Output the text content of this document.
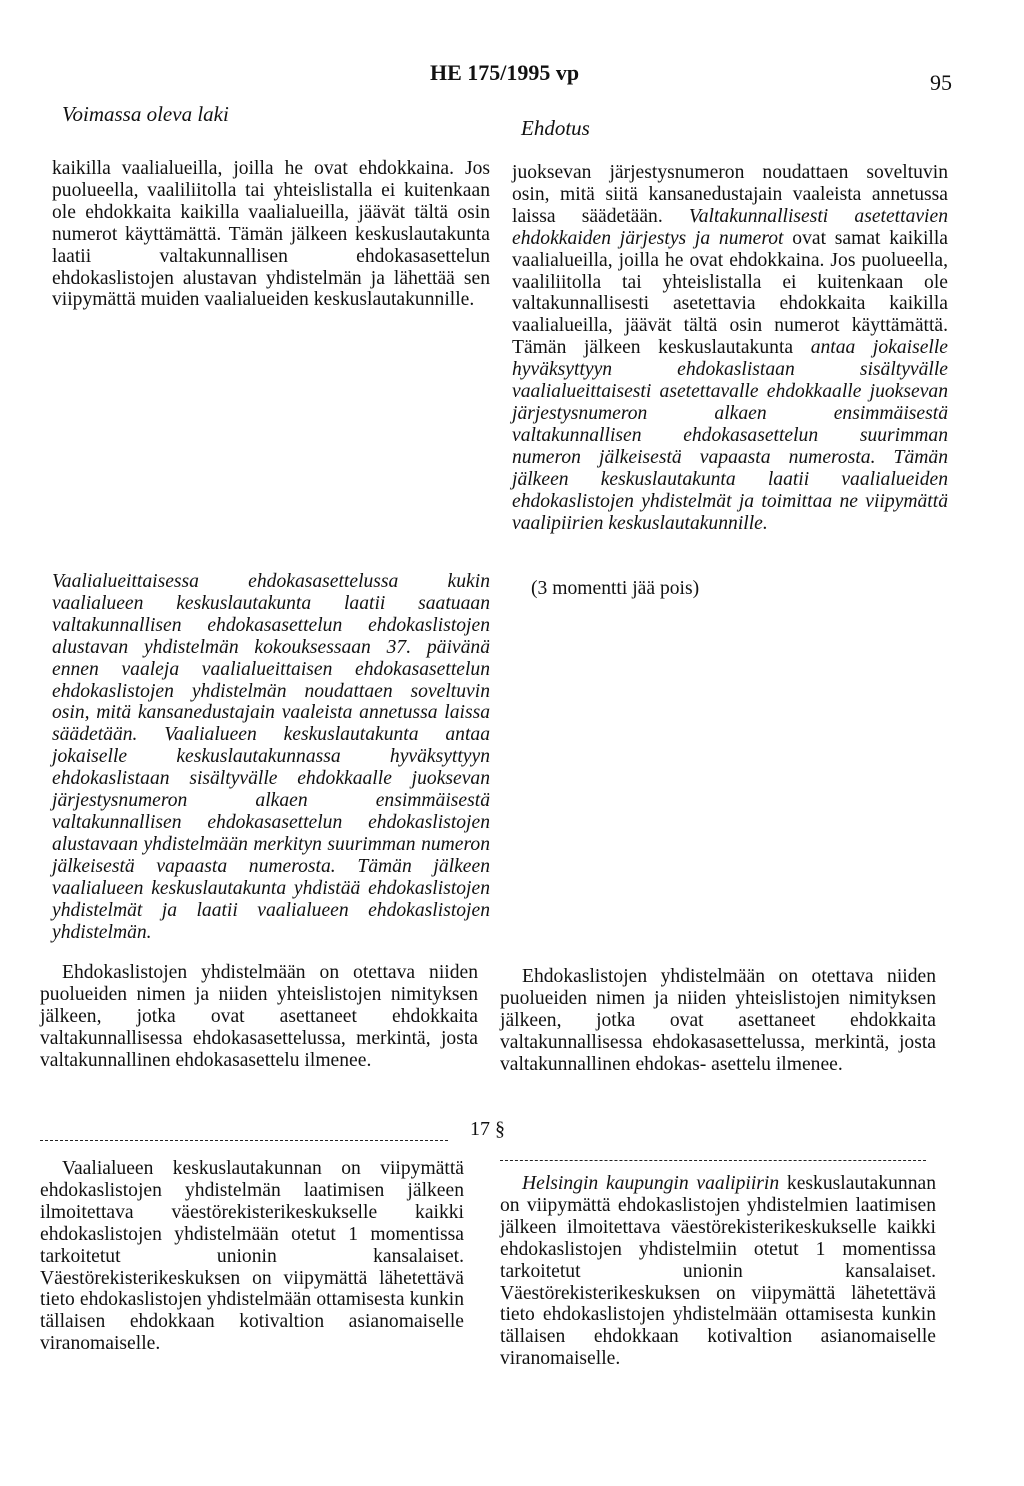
HE 175/1995 vp	95
Voimassa oleva laki
Ehdotus

kaikilla vaalialueilla, joilla he ovat ehdokkaina. Jos puolueella, vaaliliitolla tai yhteislistalla ei kuitenkaan ole ehdokkaita kaikilla vaalialueilla, jäävät tältä osin numerot käyttämättä. Tämän jälkeen keskuslautakunta laatii valtakunnallisen ehdokasasettelun ehdokaslistojen alustavan yhdistelmän ja lähettää sen viipymättä muiden vaalialueiden keskuslautakunnille.

Vaalialueittaisessa ehdokasasettelussa kukin vaalialueen keskuslautakunta laatii saatuaan valtakunnallisen ehdokasasettelun ehdokaslistojen alustavan yhdistelmän kokouksessaan 37. päivänä ennen vaaleja vaalialueittaisen ehdokasasettelun ehdokaslistojen yhdistelmän noudattaen soveltuvin osin, mitä kansanedustajain vaaleista annetussa laissa säädetään. Vaalialueen keskuslautakunta antaa jokaiselle keskuslautakunnassa hyväksyttyyn ehdokaslistaan sisältyvälle ehdokkaalle juoksevan järjestysnumeron alkaen ensimmäisestä valtakunnallisen ehdokasasettelun ehdokaslistojen alustavaan yhdistelmään merkityn suurimman numeron jälkeisestä vapaasta numerosta. Tämän jälkeen vaalialueen keskuslautakunta yhdistää ehdokaslistojen yhdistelmät ja laatii vaalialueen ehdokaslistojen yhdistelmän.

Ehdokaslistojen yhdistelmään on otettava niiden puolueiden nimen ja niiden yhteislistojen nimityksen jälkeen, jotka ovat asettaneet ehdokkaita valtakunnallisessa ehdokasasettelussa, merkintä, josta valtakunnallinen ehdokasasettelu ilmenee.

17 §

Vaalialueen keskuslautakunnan on viipymättä ehdokaslistojen yhdistelmän laatimisen jälkeen ilmoitettava väestörekisterikeskukselle kaikki ehdokaslistojen yhdistelmään otetut 1 momentissa tarkoitetut unionin kansalaiset. Väestörekisterikeskuksen on viipymättä lähetettävä tieto ehdokaslistojen yhdistelmään ottamisesta kunkin tällaisen ehdokkaan kotivaltion asianomaiselle viranomaiselle.

juoksevan järjestysnumeron noudattaen soveltuvin osin, mitä siitä kansanedustajain vaaleista annetussa laissa säädetään. Valtakunnallisesti asetettavien ehdokkaiden järjestys ja numerot ovat samat kaikilla vaalialueilla, joilla he ovat ehdokkaina. Jos puolueella, vaaliliitolla tai yhteislistalla ei kuitenkaan ole valtakunnallisesti asetettavia ehdokkaita kaikilla vaalialueilla, jäävät tältä osin numerot käyttämättä. Tämän jälkeen keskuslautakunta antaa jokaiselle hyväksyttyyn ehdokaslistaan sisältyvälle vaalialueittaisesti asetettavalle ehdokkaalle juoksevan järjestysnumeron alkaen ensimmäisestä valtakunnallisen ehdokasasettelun suurimman numeron jälkeisestä vapaasta numerosta. Tämän jälkeen keskuslautakunta laatii vaalialueiden ehdokaslistojen yhdistelmät ja toimittaa ne viipymättä vaalipiirien keskuslautakunnille.

(3 momentti jää pois)

Ehdokaslistojen yhdistelmään on otettava niiden puolueiden nimen ja niiden yhteislistojen nimityksen jälkeen, jotka ovat asettaneet ehdokkaita valtakunnallisessa ehdokasasettelussa, merkintä, josta valtakunnallinen ehdokas- asettelu ilmenee.

Helsingin kaupungin vaalipiirin keskuslautakunnan on viipymättä ehdokaslistojen yhdistelmien laatimisen jälkeen ilmoitettava väestörekisterikeskukselle kaikki ehdokaslistojen yhdistelmiin otetut 1 momentissa tarkoitetut unionin kansalaiset. Väestörekisterikeskuksen on viipymättä lähetettävä tieto ehdokaslistojen yhdistelmään ottamisesta kunkin tällaisen ehdokkaan kotivaltion asianomaiselle viranomaiselle.
